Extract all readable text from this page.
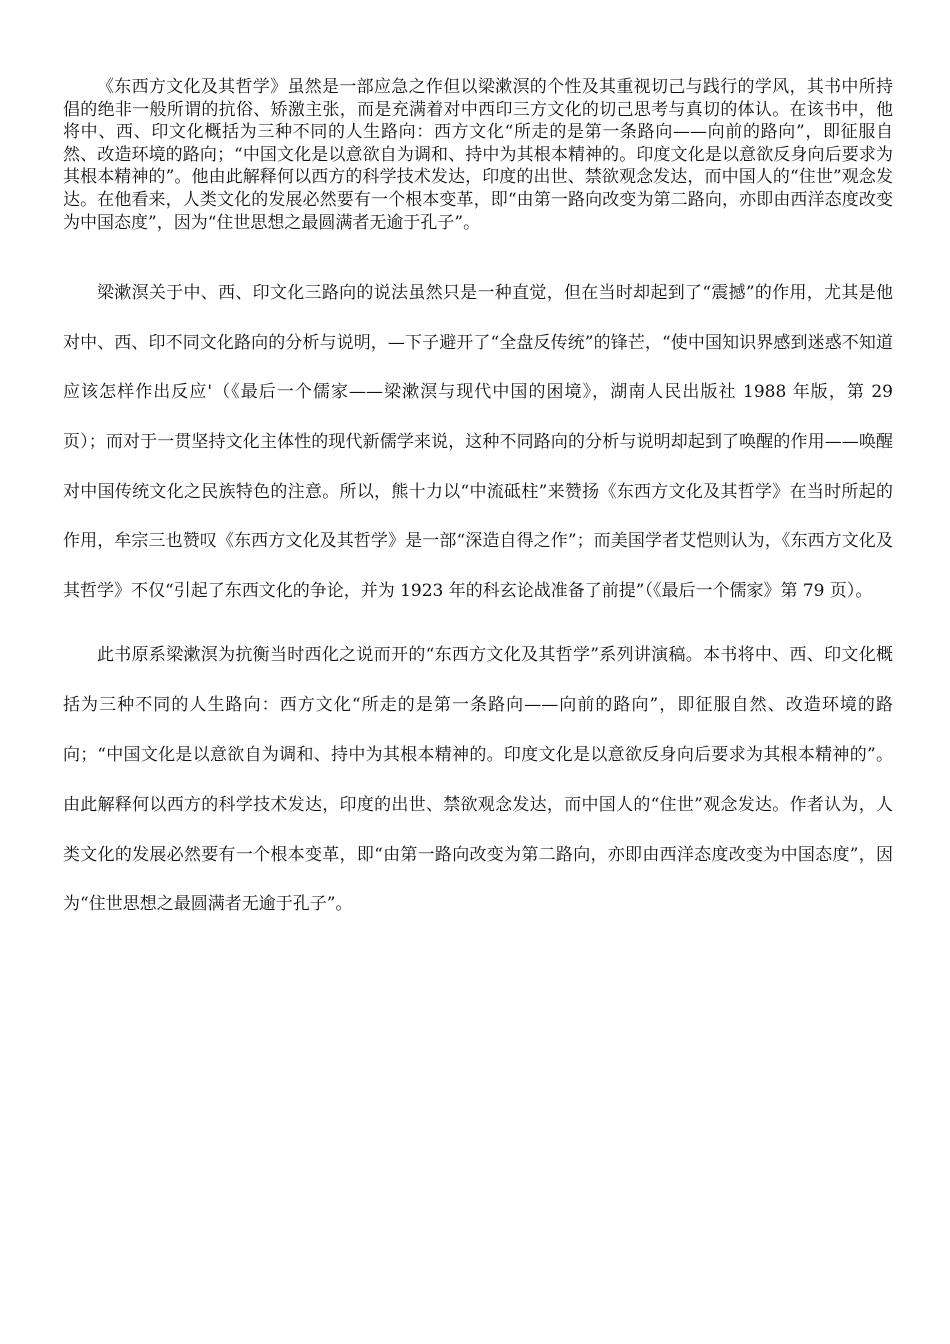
《东西方文化及其哲学》虽然是一部应急之作但以梁漱溟的个性及其重视切己与践行的学风，其书中所持倡的绝非一般所谓的抗俗、矫激主张，而是充满着对中西印三方文化的切己思考与真切的体认。在该书中，他将中、西、印文化概括为三种不同的人生路向：西方文化“所走的是第一条路向——向前的路向”，即征服自然、改造环境的路向；“中国文化是以意欲自为调和、持中为其根本精神的。印度文化是以意欲反身向后要求为其根本精神的”。他由此解释何以西方的科学技术发达，印度的出世、禁欲观念发达，而中国人的“住世”观念发达。在他看来，人类文化的发展必然要有一个根本变革，即“由第一路向改变为第二路向，亦即由西洋态度改变为中国态度”，因为“住世思想之最圆满者无逾于孔子”。

梁漱溟关于中、西、印文化三路向的说法虽然只是一种直觉，但在当时却起到了“震撼”的作用，尤其是他对中、西、印不同文化路向的分析与说明，—下子避开了“全盘反传统”的锋芒，“使中国知识界感到迷惑不知道应该怎样作出反应'（《最后一个儒家——梁漱溟与现代中国的困境》，湖南人民出版社 1988 年版，第 29 页）；而对于一贯坚持文化主体性的现代新儒学来说，这种不同路向的分析与说明却起到了唤醒的作用——唤醒对中国传统文化之民族特色的注意。所以，熊十力以“中流砥柱”来赞扬《东西方文化及其哲学》在当时所起的作用，牟宗三也赞叹《东西方文化及其哲学》是一部“深造自得之作”；而美国学者艾恺则认为，《东西方文化及其哲学》不仅“引起了东西文化的争论，并为 1923 年的科玄论战准备了前提”（《最后一个儒家》第 79 页）。

此书原系梁漱溟为抗衡当时西化之说而开的“东西方文化及其哲学”系列讲演稿。本书将中、西、印文化概括为三种不同的人生路向：西方文化“所走的是第一条路向——向前的路向”，即征服自然、改造环境的路向；“中国文化是以意欲自为调和、持中为其根本精神的。印度文化是以意欲反身向后要求为其根本精神的”。由此解释何以西方的科学技术发达，印度的出世、禁欲观念发达，而中国人的“住世”观念发达。作者认为，人类文化的发展必然要有一个根本变革，即“由第一路向改变为第二路向，亦即由西洋态度改变为中国态度”，因为“住世思想之最圆满者无逾于孔子”。
